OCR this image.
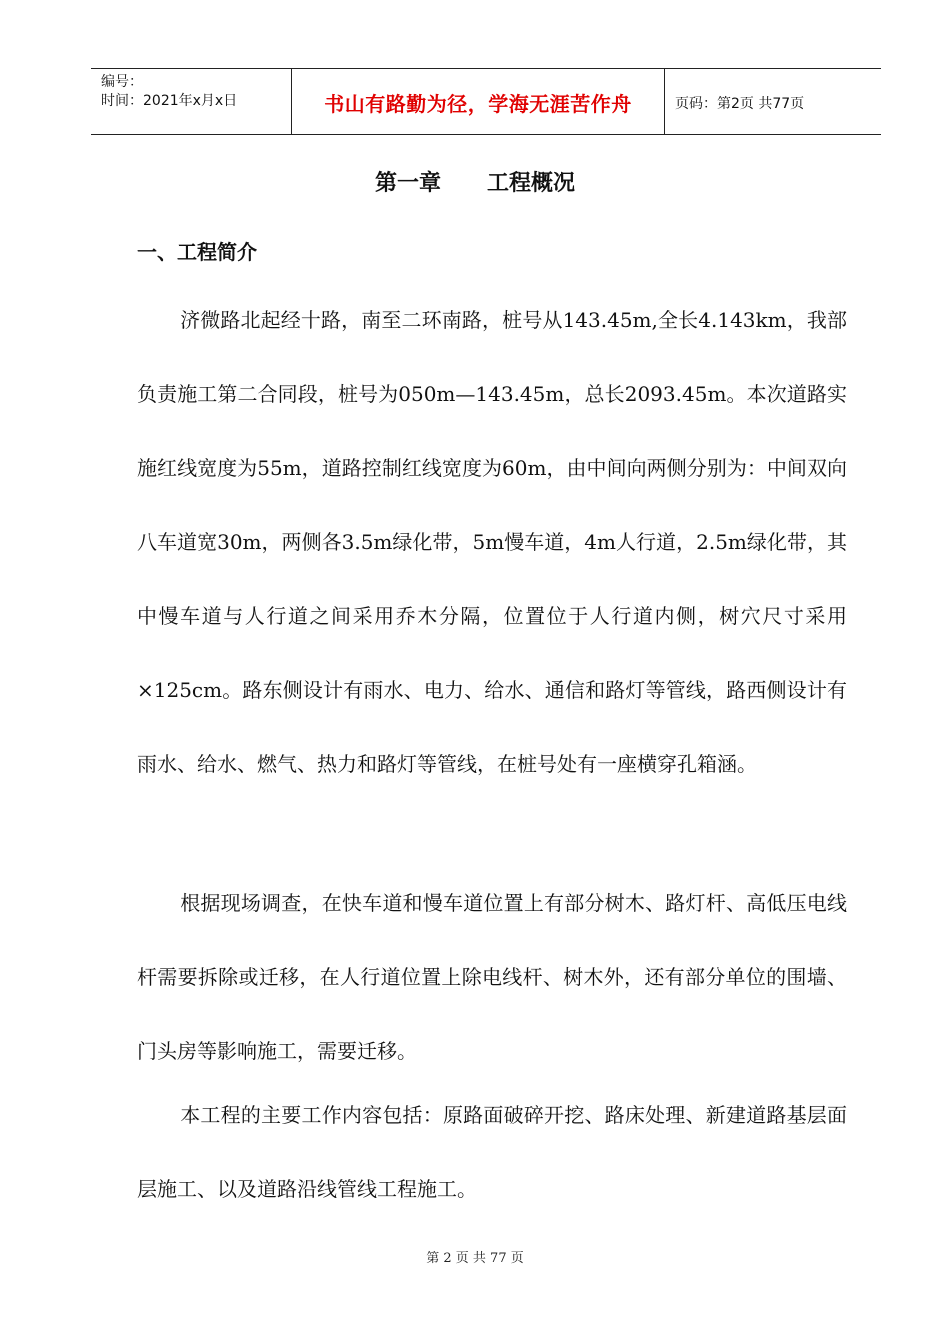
编号：
时间：2021年x月x日	书山有路勤为径，学海无涯苦作舟	页码：第2页 共77页
第一章      工程概况
一、工程简介

济微路北起经十路，南至二环南路，桩号从143.45m,全长4.143km，我部负责施工第二合同段，桩号为050m—143.45m，总长2093.45m。本次道路实施红线宽度为55m，道路控制红线宽度为60m，由中间向两侧分别为：中间双向八车道宽30m，两侧各3.5m绿化带，5m慢车道，4m人行道，2.5m绿化带，其中慢车道与人行道之间采用乔木分隔，位置位于人行道内侧，树穴尺寸采用×125cm。路东侧设计有雨水、电力、给水、通信和路灯等管线，路西侧设计有雨水、给水、燃气、热力和路灯等管线，在桩号处有一座横穿孔箱涵。

根据现场调查，在快车道和慢车道位置上有部分树木、路灯杆、高低压电线杆需要拆除或迁移，在人行道位置上除电线杆、树木外，还有部分单位的围墙、门头房等影响施工，需要迁移。

本工程的主要工作内容包括：原路面破碎开挖、路床处理、新建道路基层面层施工、以及道路沿线管线工程施工。

第 2 页 共 77 页
